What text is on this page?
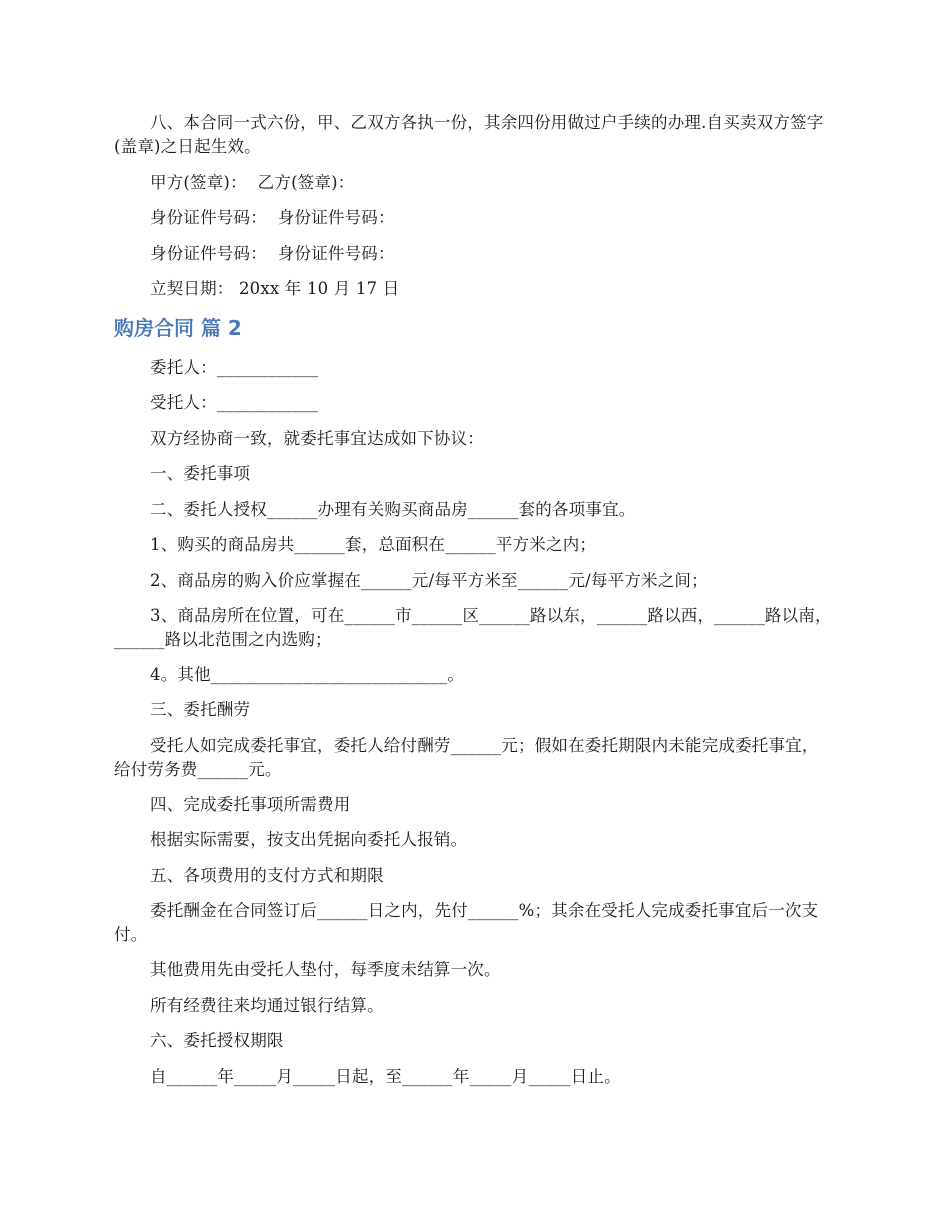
八、本合同一式六份，甲、乙双方各执一份，其余四份用做过户手续的办理.自买卖双方签字(盖章)之日起生效。
甲方(签章)：  乙方(签章)：
身份证件号码：  身份证件号码：
身份证件号码：  身份证件号码：
立契日期： 20xx 年 10 月 17 日
购房合同 篇 2
委托人：____________
受托人：____________
双方经协商一致，就委托事宜达成如下协议：
一、委托事项
二、委托人授权______办理有关购买商品房______套的各项事宜。
1、购买的商品房共______套，总面积在______平方米之内；
2、商品房的购入价应掌握在______元/每平方米至______元/每平方米之间；
3、商品房所在位置，可在______市______区______路以东，______路以西，______路以南，______路以北范围之内选购；
4。其他____________________________。
三、委托酬劳
受托人如完成委托事宜，委托人给付酬劳______元；假如在委托期限内未能完成委托事宜，给付劳务费______元。
四、完成委托事项所需费用
根据实际需要，按支出凭据向委托人报销。
五、各项费用的支付方式和期限
委托酬金在合同签订后______日之内，先付______%；其余在受托人完成委托事宜后一次支付。
其他费用先由受托人垫付，每季度未结算一次。
所有经费往来均通过银行结算。
六、委托授权期限
自______年_____月_____日起，至______年_____月_____日止。
